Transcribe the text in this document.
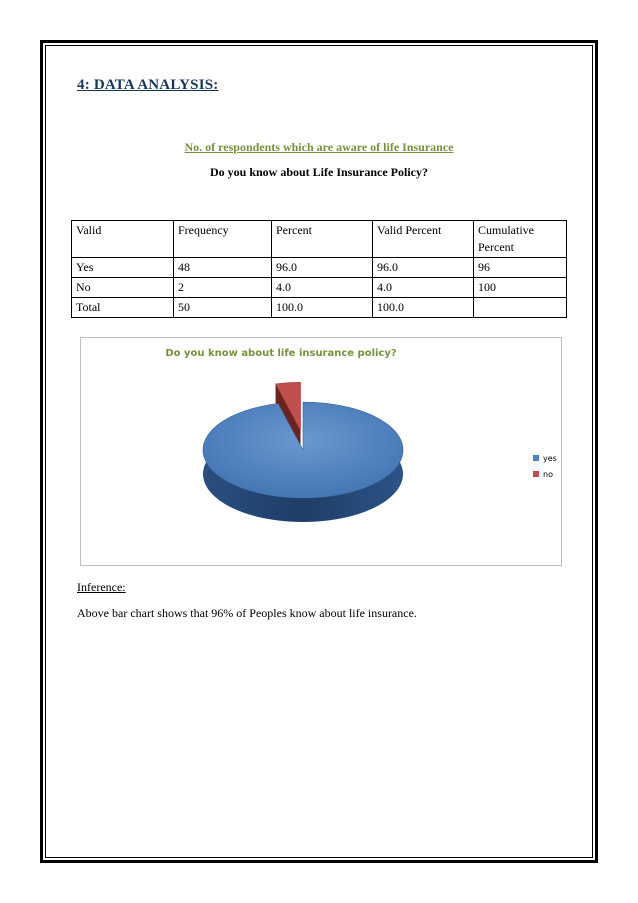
4: DATA ANALYSIS:
No. of respondents which are aware of life Insurance
Do you know about Life Insurance Policy?
Valid	Frequency	Percent	Valid Percent	Cumulative Percent
Yes	48	96.0	96.0	96
No	2	4.0	4.0	100
Total	50	100.0	100.0	
Do you know about life insurance policy?
yes
no
Inference:
Above bar chart shows that 96% of Peoples know about life insurance.
